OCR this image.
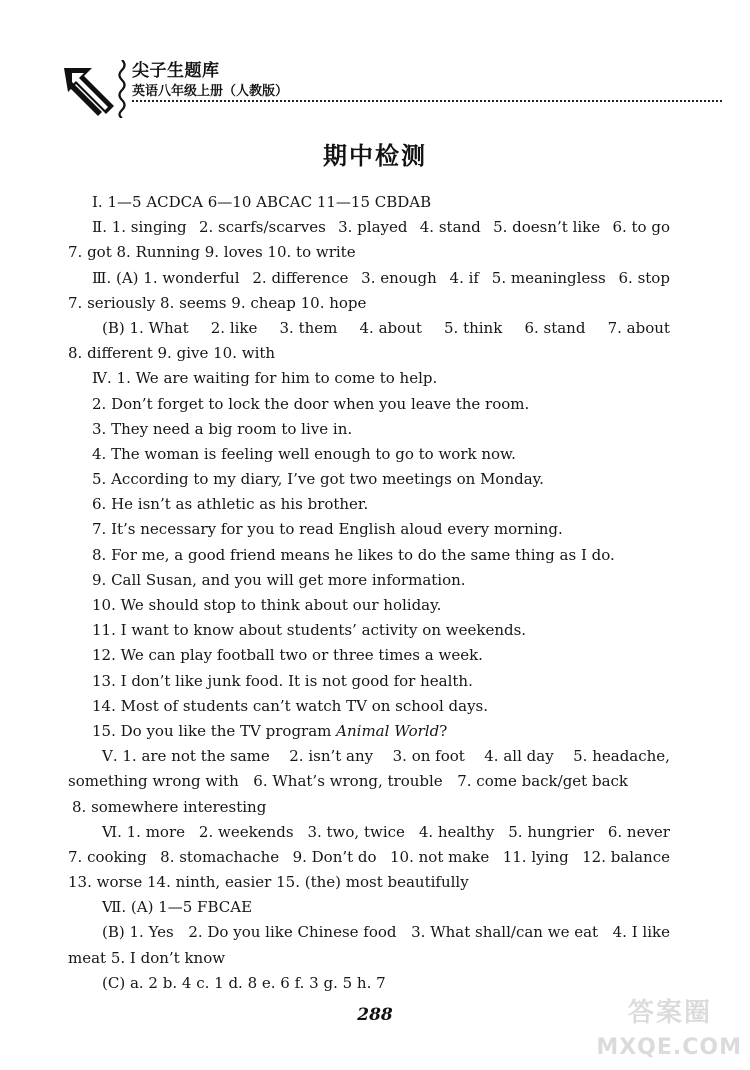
尖子生题库
英语八年级上册（人教版）
期中检测
Ⅰ. 1—5 ACDCA 6—10 ABCAC 11—15 CBDAB
Ⅱ. 1. singing 2. scarfs/scarves 3. played 4. stand 5. doesn’t like 6. to go
7. got 8. Running 9. loves 10. to write
Ⅲ. (A) 1. wonderful 2. difference 3. enough 4. if 5. meaningless 6. stop
7. seriously 8. seems 9. cheap 10. hope
(B) 1. What 2. like 3. them 4. about 5. think 6. stand 7. about
8. different 9. give 10. with
Ⅳ. 1. We are waiting for him to come to help.
2. Don’t forget to lock the door when you leave the room.
3. They need a big room to live in.
4. The woman is feeling well enough to go to work now.
5. According to my diary, I’ve got two meetings on Monday.
6. He isn’t as athletic as his brother.
7. It’s necessary for you to read English aloud every morning.
8. For me, a good friend means he likes to do the same thing as I do.
9. Call Susan, and you will get more information.
10. We should stop to think about our holiday.
11. I want to know about students’ activity on weekends.
12. We can play football two or three times a week.
13. I don’t like junk food. It is not good for health.
14. Most of students can’t watch TV on school days.
15. Do you like the TV program Animal World?
Ⅴ. 1. are not the same 2. isn’t any 3. on foot 4. all day 5. headache,
something wrong with 6. What’s wrong, trouble 7. come back/get back
8. somewhere interesting
Ⅵ. 1. more 2. weekends 3. two, twice 4. healthy 5. hungrier 6. never
7. cooking 8. stomachache 9. Don’t do 10. not make 11. lying 12. balance
13. worse 14. ninth, easier 15. (the) most beautifully
Ⅶ. (A) 1—5 FBCAE
(B) 1. Yes 2. Do you like Chinese food 3. What shall/can we eat 4. I like
meat 5. I don’t know
(C) a. 2 b. 4 c. 1 d. 8 e. 6 f. 3 g. 5 h. 7
288	答案圈
MXQE.COM
